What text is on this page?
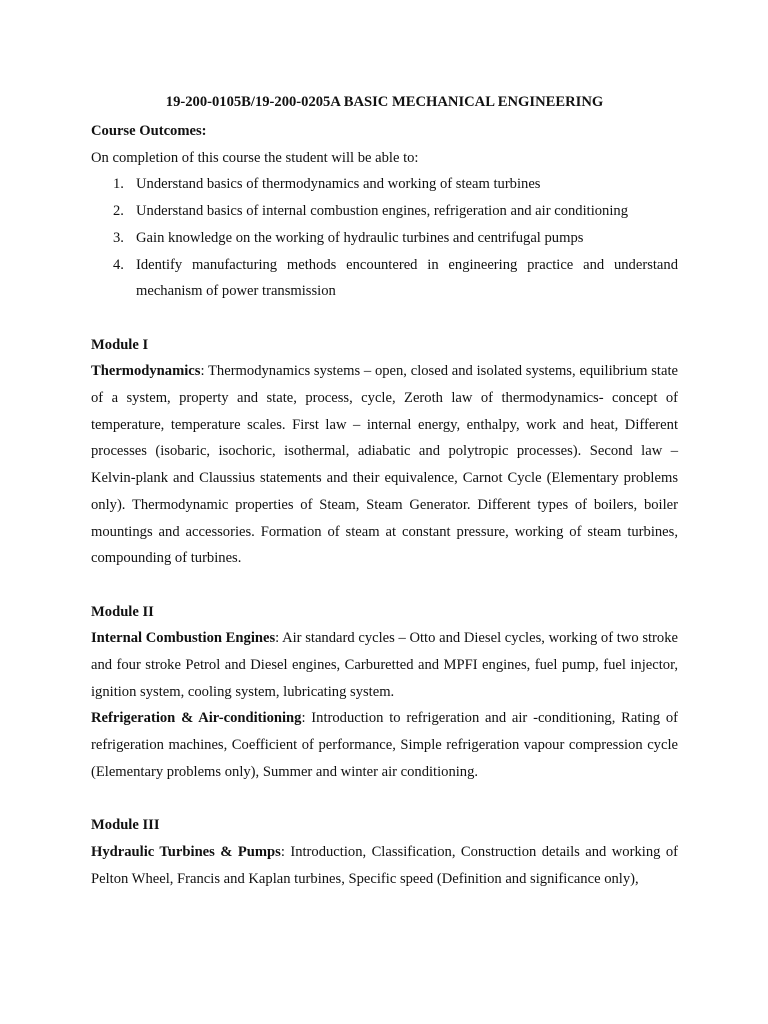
19-200-0105B/19-200-0205A BASIC MECHANICAL ENGINEERING

Course Outcomes:

On completion of this course the student will be able to:

1. Understand basics of thermodynamics and working of steam turbines
2. Understand basics of internal combustion engines, refrigeration and air conditioning
3. Gain knowledge on the working of hydraulic turbines and centrifugal pumps
4. Identify manufacturing methods encountered in engineering practice and understand mechanism of power transmission

Module I

Thermodynamics: Thermodynamics systems – open, closed and isolated systems, equilibrium state of a system, property and state, process, cycle, Zeroth law of thermodynamics- concept of temperature, temperature scales. First law – internal energy, enthalpy, work and heat, Different processes (isobaric, isochoric, isothermal, adiabatic and polytropic processes). Second law – Kelvin-plank and Claussius statements and their equivalence, Carnot Cycle (Elementary problems only). Thermodynamic properties of Steam, Steam Generator. Different types of boilers, boiler mountings and accessories. Formation of steam at constant pressure, working of steam turbines, compounding of turbines.

Module II

Internal Combustion Engines: Air standard cycles – Otto and Diesel cycles, working of two stroke and four stroke Petrol and Diesel engines, Carburetted and MPFI engines, fuel pump, fuel injector, ignition system, cooling system, lubricating system.

Refrigeration & Air-conditioning: Introduction to refrigeration and air -conditioning, Rating of refrigeration machines, Coefficient of performance, Simple refrigeration vapour compression cycle (Elementary problems only), Summer and winter air conditioning.

Module III

Hydraulic Turbines & Pumps: Introduction, Classification, Construction details and working of Pelton Wheel, Francis and Kaplan turbines, Specific speed (Definition and significance only),
